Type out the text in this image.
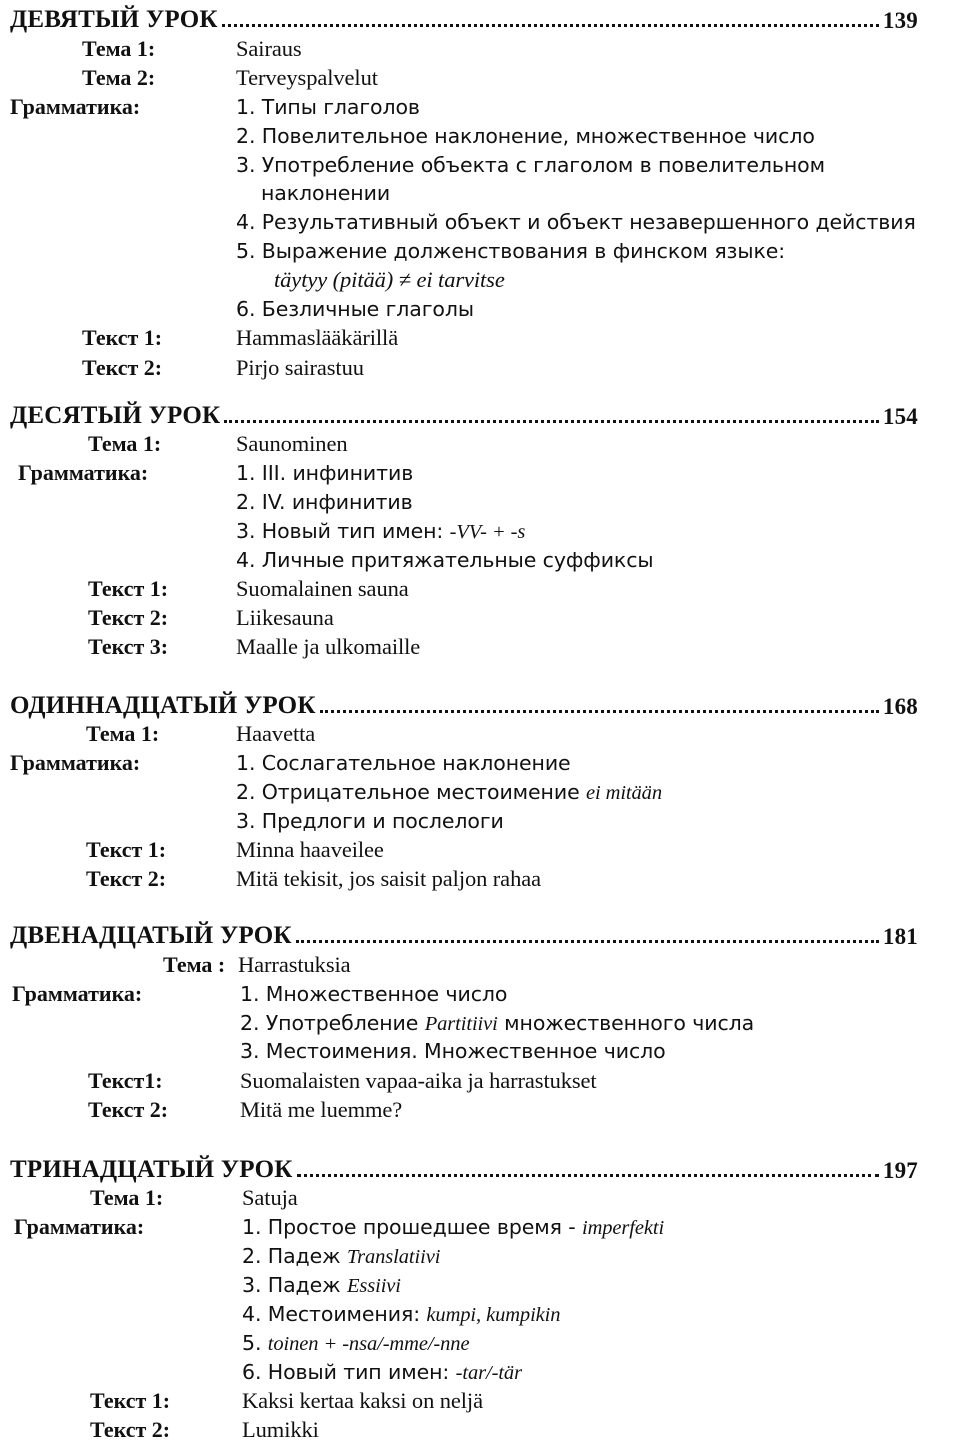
ДЕВЯТЫЙ УРОК	139
Тема 1:	Sairaus
Тема 2:	Terveyspalvelut
Грамматика:	1. Типы глаголов
2. Повелительное наклонение, множественное число
3. Употребление объекта с глаголом в повелительном
наклонении
4. Результативный объект и объект незавершенного действия
5. Выражение долженствования в финском языке:
täytyy (pitää) ≠ ei tarvitse
6. Безличные глаголы
Текст 1:	Hammaslääkärillä
Текст 2:	Pirjo sairastuu
ДЕСЯТЫЙ УРОК	154
Тема 1:	Saunominen
Грамматика:	1. III. инфинитив
2. IV. инфинитив
3. Новый тип имен: -VV- + -s
4. Личные притяжательные суффиксы
Текст 1:	Suomalainen sauna
Текст 2:	Liikesauna
Текст 3:	Maalle ja ulkomaille
ОДИННАДЦАТЫЙ УРОК	168
Тема 1:	Haavetta
Грамматика:	1. Сослагательное наклонение
2. Отрицательное местоимение ei mitään
3. Предлоги и послелоги
Текст 1:	Minna haaveilee
Текст 2:	Mitä tekisit, jos saisit paljon rahaa
ДВЕНАДЦАТЫЙ УРОК	181
Тема : Harrastuksia
Грамматика:	1. Множественное число
2. Употребление Partitiivi множественного числа
3. Местоимения. Множественное число
Текст1:	Suomalaisten vapaa-aika ja harrastukset
Текст 2:	Mitä me luemme?
ТРИНАДЦАТЫЙ УРОК	197
Тема 1:	Satuja
Грамматика:	1. Простое прошедшее время - imperfekti
2. Падеж Translatiivi
3. Падеж Essiivi
4. Местоимения: kumpi, kumpikin
5. toinen + -nsa/-mme/-nne
6. Новый тип имен: -tar/-tär
Текст 1:	Kaksi kertaa kaksi on neljä
Текст 2:	Lumikki
